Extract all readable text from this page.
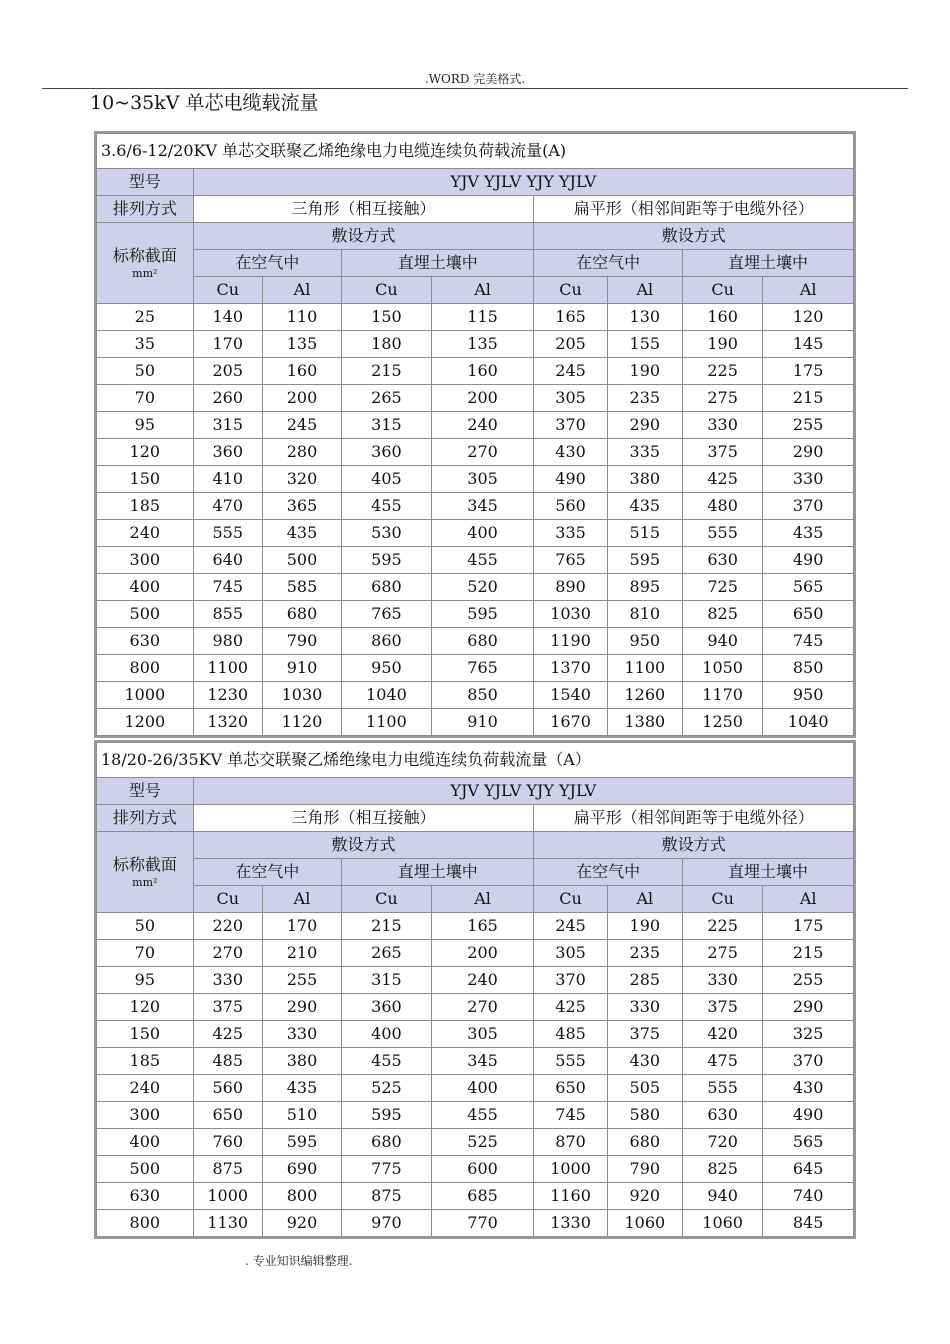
.WORD 完美格式.
10~35kV 单芯电缆载流量
3.6/6-12/20KV 单芯交联聚乙烯绝缘电力电缆连续负荷载流量(A)								
型号	YJV YJLV YJY YJLV							
排列方式	三角形（相互接触）				扁平形（相邻间距等于电缆外径）			

标称截面
mm²	敷设方式				敷设方式			
	在空气中		直埋土壤中		在空气中		直埋土壤中	
	Cu	Al	Cu	Al	Cu	Al	Cu	Al
25	140	110	150	115	165	130	160	120
35	170	135	180	135	205	155	190	145
50	205	160	215	160	245	190	225	175
70	260	200	265	200	305	235	275	215
95	315	245	315	240	370	290	330	255
120	360	280	360	270	430	335	375	290
150	410	320	405	305	490	380	425	330
185	470	365	455	345	560	435	480	370
240	555	435	530	400	335	515	555	435
300	640	500	595	455	765	595	630	490
400	745	585	680	520	890	895	725	565
500	855	680	765	595	1030	810	825	650
630	980	790	860	680	1190	950	940	745
800	1100	910	950	765	1370	1100	1050	850
1000	1230	1030	1040	850	1540	1260	1170	950
1200	1320	1120	1100	910	1670	1380	1250	1040
18/20-26/35KV 单芯交联聚乙烯绝缘电力电缆连续负荷载流量（A）								
型号	YJV YJLV YJY YJLV							
排列方式	三角形（相互接触）				扁平形（相邻间距等于电缆外径）			

标称截面
mm²	敷设方式				敷设方式			
	在空气中		直埋土壤中		在空气中		直埋土壤中	
	Cu	Al	Cu	Al	Cu	Al	Cu	Al
50	220	170	215	165	245	190	225	175
70	270	210	265	200	305	235	275	215
95	330	255	315	240	370	285	330	255
120	375	290	360	270	425	330	375	290
150	425	330	400	305	485	375	420	325
185	485	380	455	345	555	430	475	370
240	560	435	525	400	650	505	555	430
300	650	510	595	455	745	580	630	490
400	760	595	680	525	870	680	720	565
500	875	690	775	600	1000	790	825	645
630	1000	800	875	685	1160	920	940	740
800	1130	920	970	770	1330	1060	1060	845
. 专业知识编辑整理.
